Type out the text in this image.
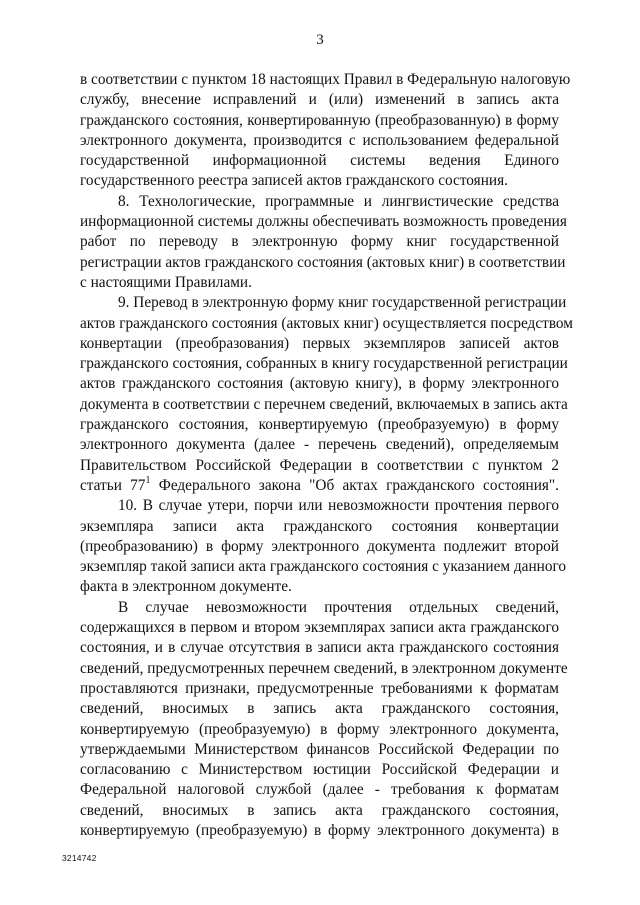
3
в соответствии с пунктом 18 настоящих Правил в Федеральную налоговую
службу, внесение исправлений и (или) изменений в запись акта
гражданского состояния, конвертированную (преобразованную) в форму
электронного документа, производится с использованием федеральной
государственной информационной системы ведения Единого
государственного реестра записей актов гражданского состояния.
8. Технологические, программные и лингвистические средства
информационной системы должны обеспечивать возможность проведения
работ по переводу в электронную форму книг государственной
регистрации актов гражданского состояния (актовых книг) в соответствии
с настоящими Правилами.
9. Перевод в электронную форму книг государственной регистрации
актов гражданского состояния (актовых книг) осуществляется посредством
конвертации (преобразования) первых экземпляров записей актов
гражданского состояния, собранных в книгу государственной регистрации
актов гражданского состояния (актовую книгу), в форму электронного
документа в соответствии с перечнем сведений, включаемых в запись акта
гражданского состояния, конвертируемую (преобразуемую) в форму
электронного документа (далее - перечень сведений), определяемым
Правительством Российской Федерации в соответствии с пунктом 2
статьи $77^1$ Федерального закона "Об актах гражданского состояния".
10. В случае утери, порчи или невозможности прочтения первого
экземпляра записи акта гражданского состояния конвертации
(преобразованию) в форму электронного документа подлежит второй
экземпляр такой записи акта гражданского состояния с указанием данного
факта в электронном документе.
В случае невозможности прочтения отдельных сведений,
содержащихся в первом и втором экземплярах записи акта гражданского
состояния, и в случае отсутствия в записи акта гражданского состояния
сведений, предусмотренных перечнем сведений, в электронном документе
проставляются признаки, предусмотренные требованиями к форматам
сведений, вносимых в запись акта гражданского состояния,
конвертируемую (преобразуемую) в форму электронного документа,
утверждаемыми Министерством финансов Российской Федерации по
согласованию с Министерством юстиции Российской Федерации и
Федеральной налоговой службой (далее - требования к форматам
сведений, вносимых в запись акта гражданского состояния,
конвертируемую (преобразуемую) в форму электронного документа) в
3214742
